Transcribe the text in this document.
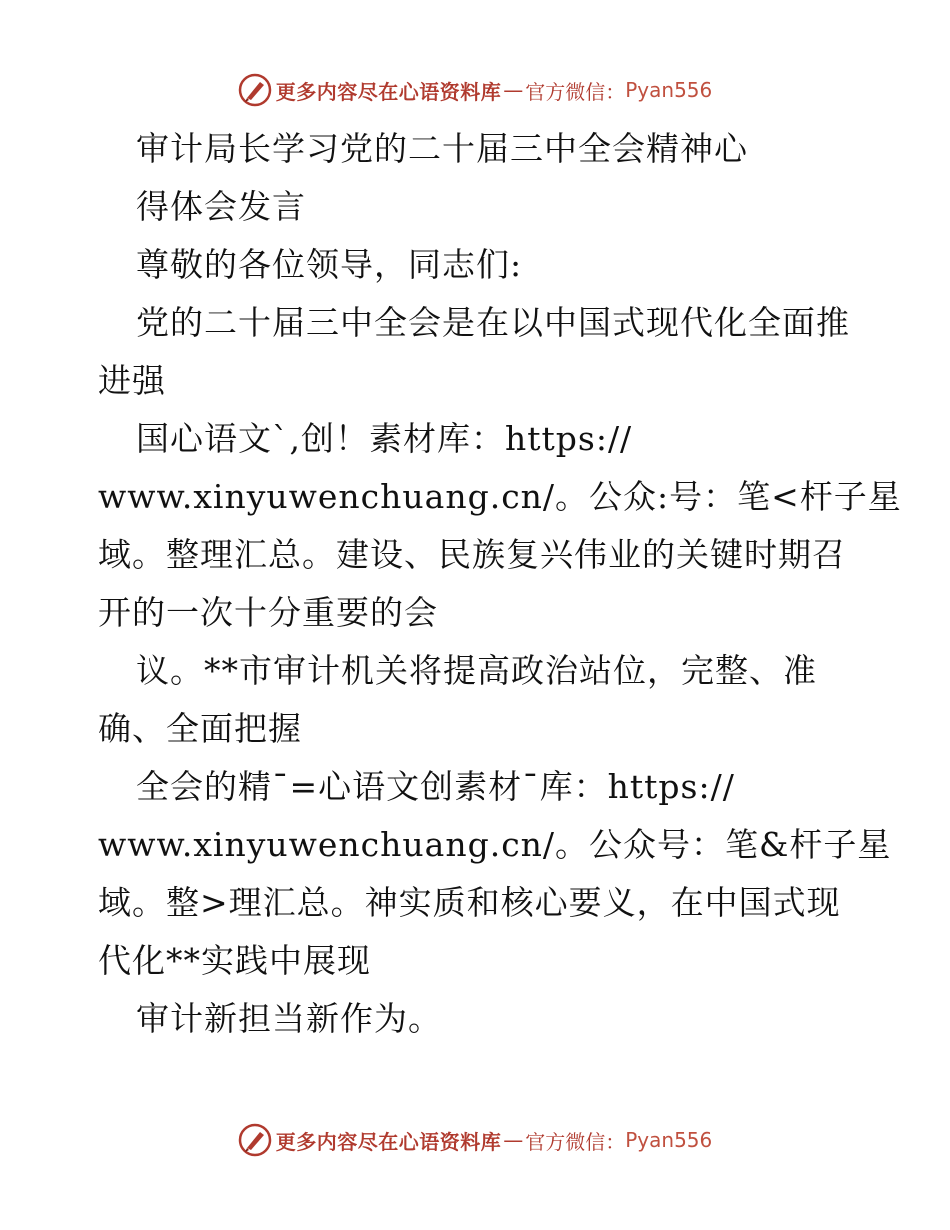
更多内容尽在心语资料库 — 官方微信： Pyan556
审计局长学习党的二十届三中全会精神心
得体会发言
尊敬的各位领导，同志们:
党的二十届三中全会是在以中国式现代化全面推
进强
国心语文`,创！素材库：https://
www.xinyuwenchuang.cn/。公众:号：笔<杆子星
域。整理汇总。建设、民族复兴伟业的关键时期召
开的一次十分重要的会
议。**市审计机关将提高政治站位，完整、准
确、全面把握
全会的精¯=心语文创素材¯库：https://
www.xinyuwenchuang.cn/。公众号：笔&杆子星
域。整>理汇总。神实质和核心要义，在中国式现
代化**实践中展现
审计新担当新作为。
更多内容尽在心语资料库 — 官方微信： Pyan556
